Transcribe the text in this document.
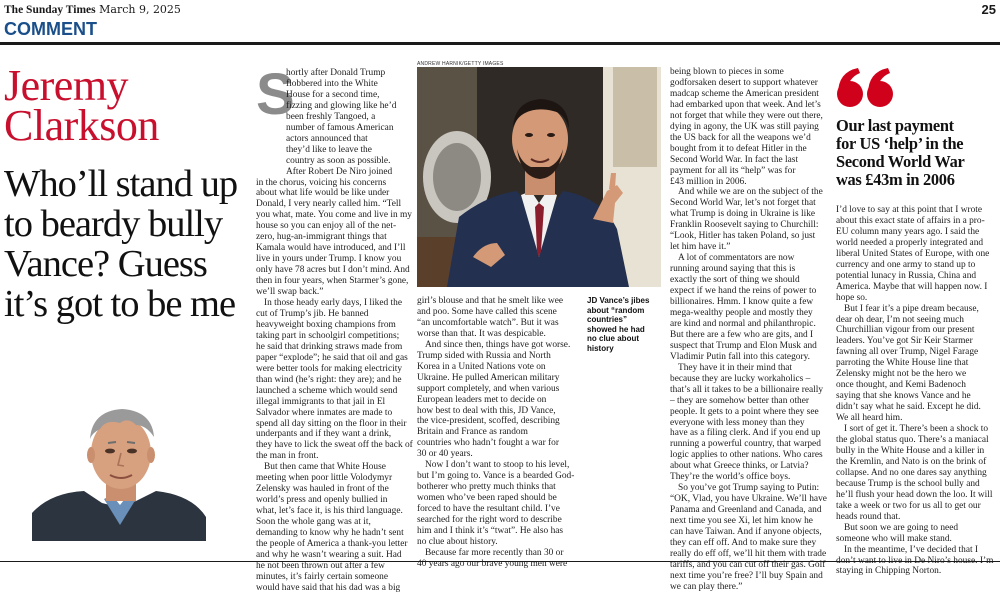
The Sunday Times March 9, 2025	25
COMMENT
Jeremy
Clarkson
Who’ll stand up to beardy bully Vance? Guess it’s got to be me
S
hortly after Donald Trump
flobbered into the White
House for a second time,
fizzing and glowing like he’d
been freshly Tangoed, a
number of famous American
actors announced that
they’d like to leave the
country as soon as possible.
After Robert De Niro joined
in the chorus, voicing his concerns
about what life would be like under
Donald, I very nearly called him. “Tell
you what, mate. You come and live in my
house so you can enjoy all of the net-
zero, hug-an-immigrant things that
Kamala would have introduced, and I’ll
live in yours under Trump. I know you
only have 78 acres but I don’t mind. And
then in four years, when Starmer’s gone,
we’ll swap back.”
In those heady early days, I liked the
cut of Trump’s jib. He banned
heavyweight boxing champions from
taking part in schoolgirl competitions;
he said that drinking straws made from
paper “explode”; he said that oil and gas
were better tools for making electricity
than wind (he’s right: they are); and he
launched a scheme which would send
illegal immigrants to that jail in El
Salvador where inmates are made to
spend all day sitting on the floor in their
underpants and if they want a drink,
they have to lick the sweat off the back of
the man in front.
But then came that White House
meeting when poor little Volodymyr
Zelensky was hauled in front of the
world’s press and openly bullied in
what, let’s face it, is his third language.
Soon the whole gang was at it,
demanding to know why he hadn’t sent
the people of America a thank-you letter
and why he wasn’t wearing a suit. Had
he not been thrown out after a few
minutes, it’s fairly certain someone
would have said that his dad was a big
ANDREW HARNIK/GETTY IMAGES
girl’s blouse and that he smelt like wee
and poo. Some have called this scene
“an uncomfortable watch”. But it was
worse than that. It was despicable.
And since then, things have got worse.
Trump sided with Russia and North
Korea in a United Nations vote on
Ukraine. He pulled American military
support completely, and when various
European leaders met to decide on
how best to deal with this, JD Vance,
the vice-president, scoffed, describing
Britain and France as random
countries who hadn’t fought a war for
30 or 40 years.
Now I don’t want to stoop to his level,
but I’m going to. Vance is a bearded God-
botherer who pretty much thinks that
women who’ve been raped should be
forced to have the resultant child. I’ve
searched for the right word to describe
him and I think it’s “twat”. He also has
no clue about history.
Because far more recently than 30 or
40 years ago our brave young men were
JD Vance’s jibes
about “random
countries”
showed he had
no clue about
history
being blown to pieces in some
godforsaken desert to support whatever
madcap scheme the American president
had embarked upon that week. And let’s
not forget that while they were out there,
dying in agony, the UK was still paying
the US back for all the weapons we’d
bought from it to defeat Hitler in the
Second World War. In fact the last
payment for all its “help” was for
£43 million in 2006.
And while we are on the subject of the
Second World War, let’s not forget that
what Trump is doing in Ukraine is like
Franklin Roosevelt saying to Churchill:
“Look, Hitler has taken Poland, so just
let him have it.”
A lot of commentators are now
running around saying that this is
exactly the sort of thing we should
expect if we hand the reins of power to
billionaires. Hmm. I know quite a few
mega-wealthy people and mostly they
are kind and normal and philanthropic.
But there are a few who are gits, and I
suspect that Trump and Elon Musk and
Vladimir Putin fall into this category.
They have it in their mind that
because they are lucky workaholics –
that’s all it takes to be a billionaire really
– they are somehow better than other
people. It gets to a point where they see
everyone with less money than they
have as a filing clerk. And if you end up
running a powerful country, that warped
logic applies to other nations. Who cares
about what Greece thinks, or Latvia?
They’re the world’s office boys.
So you’ve got Trump saying to Putin:
“OK, Vlad, you have Ukraine. We’ll have
Panama and Greenland and Canada, and
next time you see Xi, let him know he
can have Taiwan. And if anyone objects,
they can eff off. And to make sure they
really do eff off, we’ll hit them with trade
tariffs, and you can cut off their gas. Golf
next time you’re free? I’ll buy Spain and
we can play there.”
Our last payment
for US ‘help’ in the
Second World War
was £43m in 2006
I’d love to say at this point that I wrote
about this exact state of affairs in a pro-
EU column many years ago. I said the
world needed a properly integrated and
liberal United States of Europe, with one
currency and one army to stand up to
potential lunacy in Russia, China and
America. Maybe that will happen now. I
hope so.
But I fear it’s a pipe dream because,
dear oh dear, I’m not seeing much
Churchillian vigour from our present
leaders. You’ve got Sir Keir Starmer
fawning all over Trump, Nigel Farage
parroting the White House line that
Zelensky might not be the hero we
once thought, and Kemi Badenoch
saying that she knows Vance and he
didn’t say what he said. Except he did.
We all heard him.
I sort of get it. There’s been a shock to
the global status quo. There’s a maniacal
bully in the White House and a killer in
the Kremlin, and Nato is on the brink of
collapse. And no one dares say anything
because Trump is the school bully and
he’ll flush your head down the loo. It will
take a week or two for us all to get our
heads round that.
But soon we are going to need
someone who will make stand.
In the meantime, I’ve decided that I
don’t want to live in De Niro’s house. I’m
staying in Chipping Norton.
